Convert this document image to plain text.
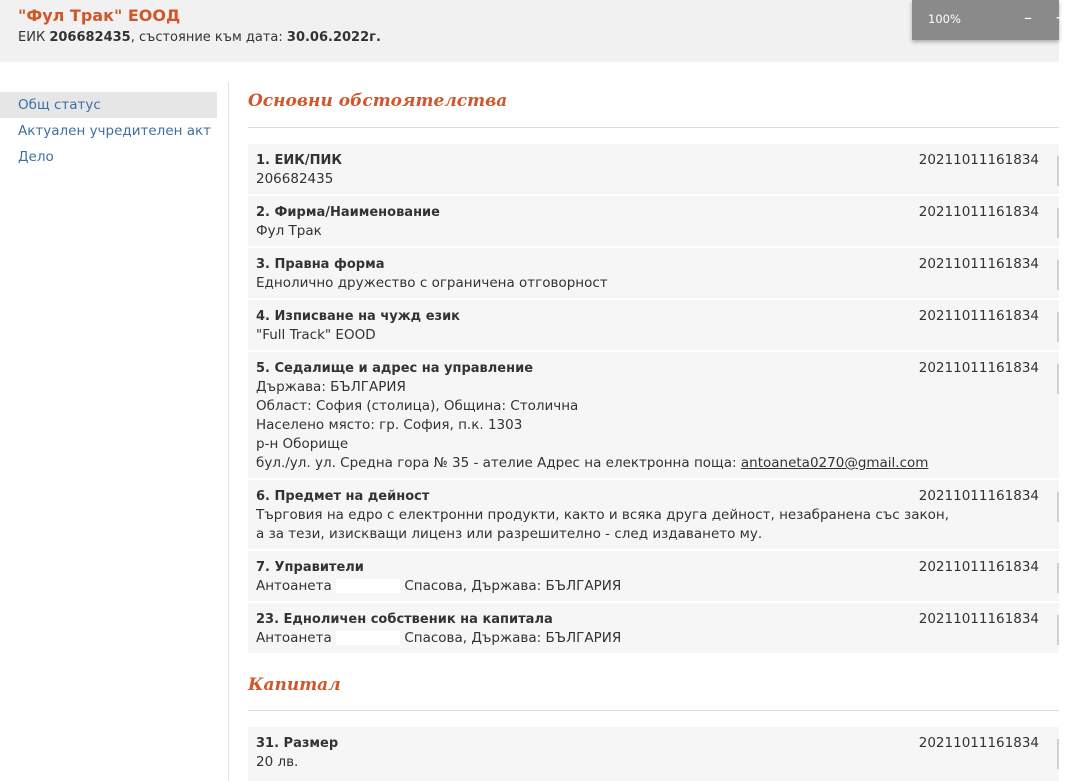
"Фул Трак" ЕООД
ЕИК 206682435, състояние към дата: 30.06.2022г.
100%	– +
Общ статус
Актуален учредителен акт
Дело
Основни обстоятелства
1. ЕИК/ПИК
206682435
20211011161834
2. Фирма/Наименование
Фул Трак
20211011161834
3. Правна форма
Еднолично дружество с ограничена отговорност
20211011161834
4. Изписване на чужд език
"Full Track" EOOD
20211011161834
5. Седалище и адрес на управление
Държава: БЪЛГАРИЯ
Област: София (столица), Община: Столична
Населено място: гр. София, п.к. 1303
р-н Оборище
бул./ул. ул. Средна гора № 35 - ателие Адрес на електронна поща: antoaneta0270@gmail.com
20211011161834
6. Предмет на дейност
Търговия на едро с електронни продукти, както и всяка друга дейност, незабранена със закон,
а за тези, изискващи лиценз или разрешително - след издаването му.
20211011161834
7. Управители
Антоанета	Спасова, Държава: БЪЛГАРИЯ
20211011161834
23. Едноличен собственик на капитала
Антоанета	Спасова, Държава: БЪЛГАРИЯ
20211011161834
Капитал
31. Размер
20 лв.
20211011161834
